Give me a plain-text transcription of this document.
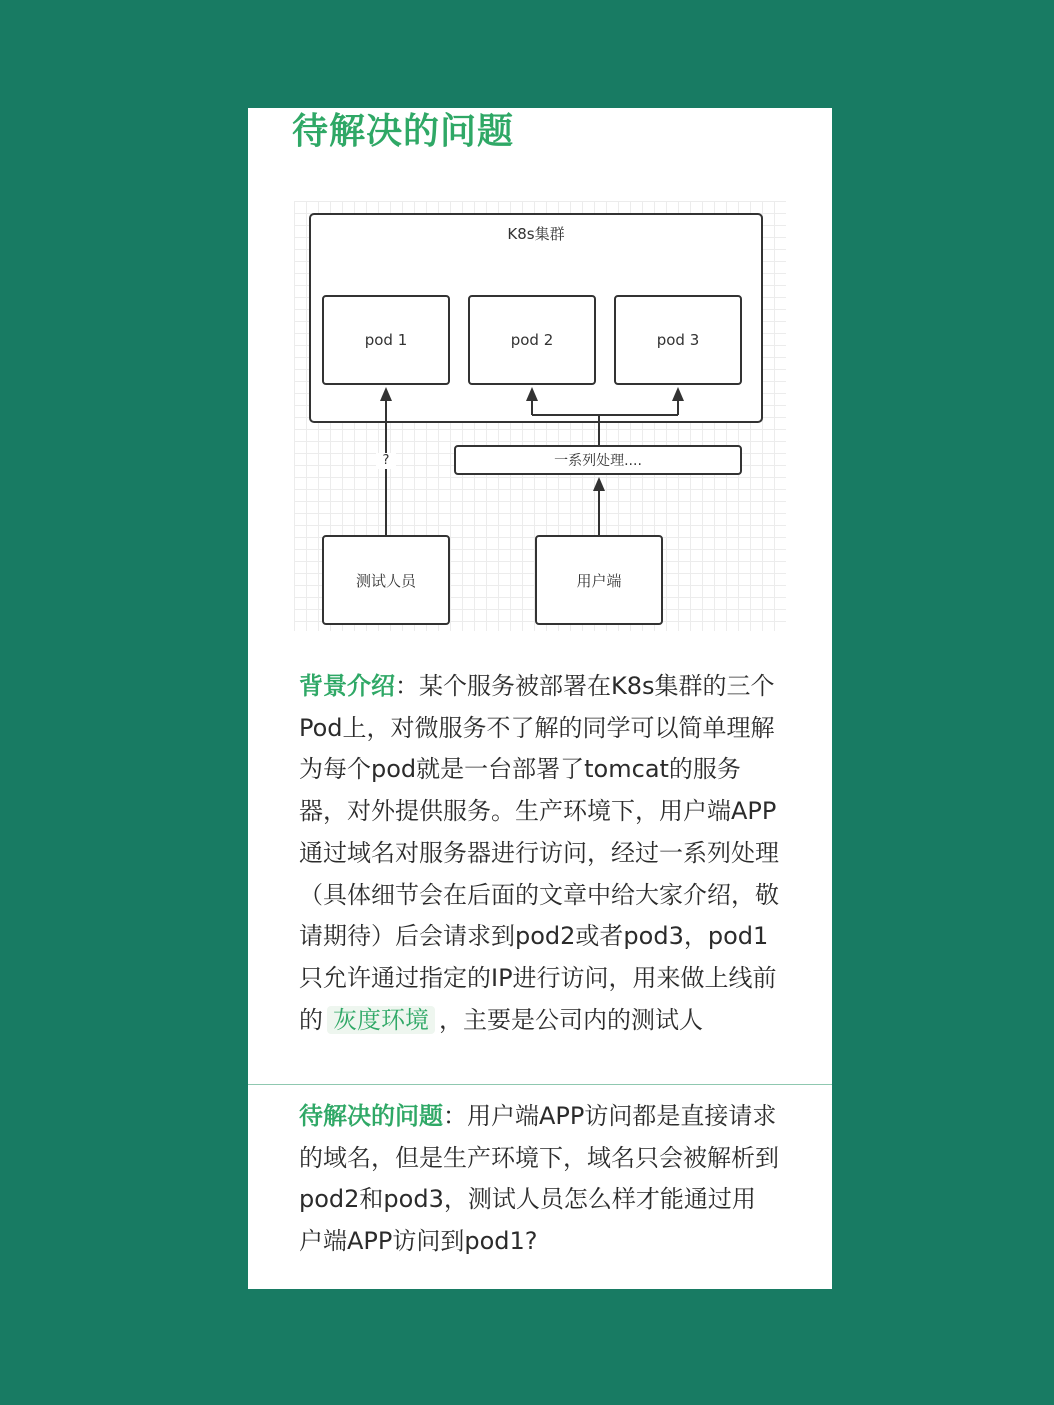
待解决的问题
K8s集群
pod 1	pod 2	pod 3
?	一系列处理....
测试人员	用户端
背景介绍：某个服务被部署在K8s集群的三个Pod上，对微服务不了解的同学可以简单理解为每个pod就是一台部署了tomcat的服务器，对外提供服务。生产环境下，用户端APP通过域名对服务器进行访问，经过一系列处理（具体细节会在后面的文章中给大家介绍，敬请期待）后会请求到pod2或者pod3，pod1只允许通过指定的IP进行访问，用来做上线前的 灰度环境 ，主要是公司内的测试人
待解决的问题：用户端APP访问都是直接请求的域名，但是生产环境下，域名只会被解析到pod2和pod3，测试人员怎么样才能通过用户端APP访问到pod1?
